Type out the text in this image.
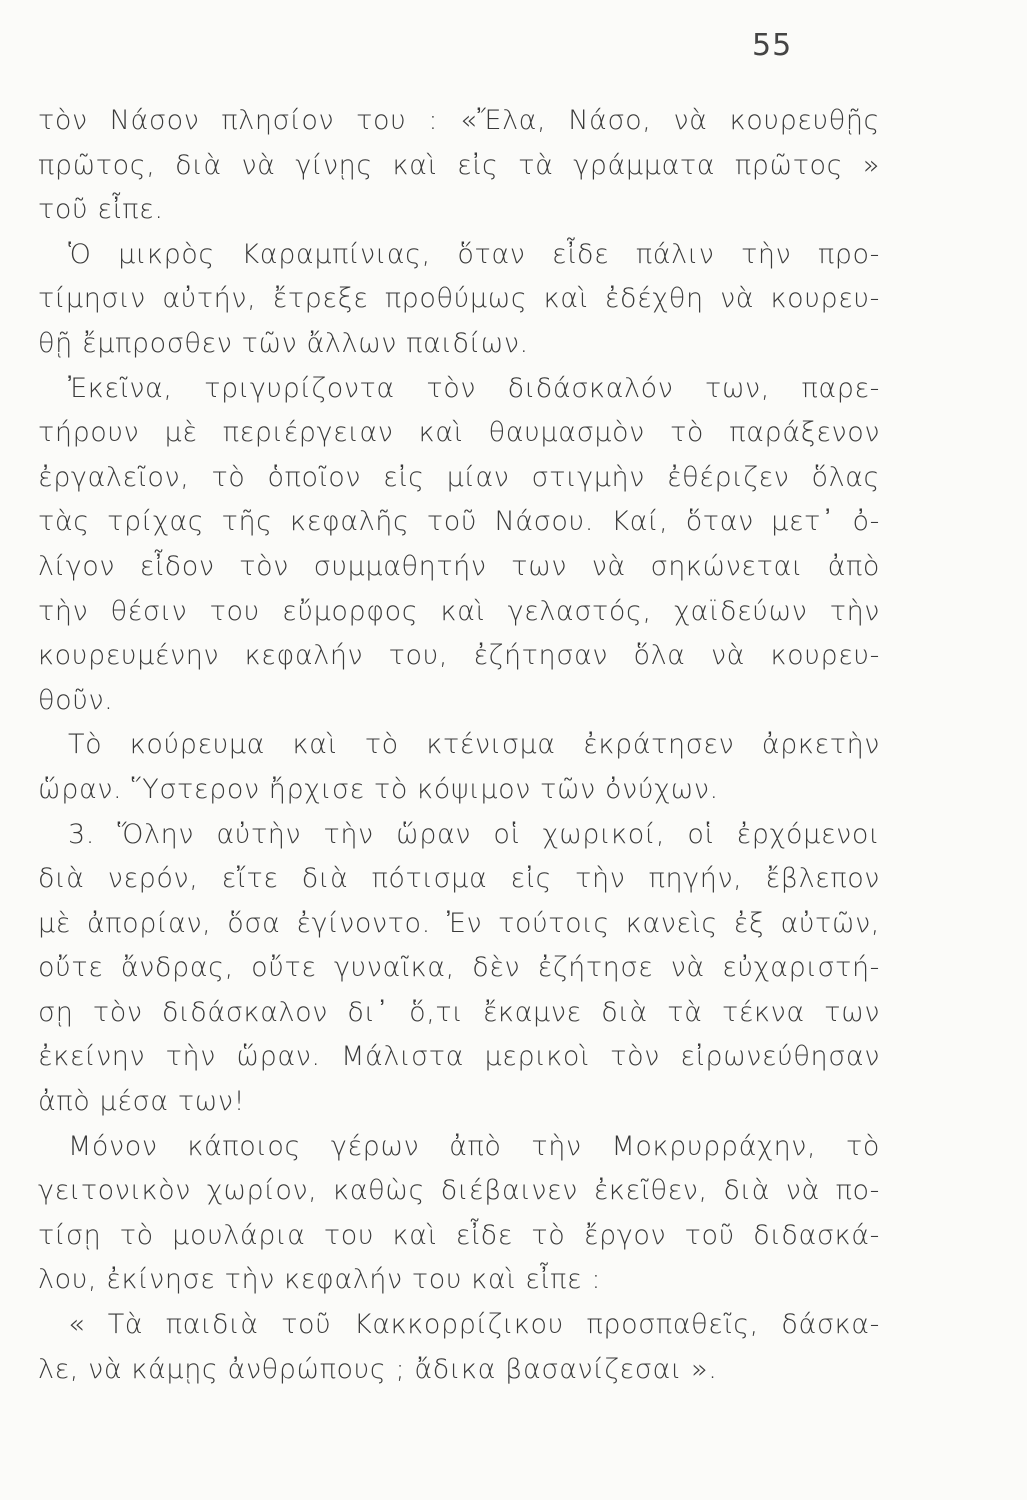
55
τὸν Νάσον πλησίον του : «Ἔλα, Νάσο, νὰ κουρευθῇς
πρῶτος, διὰ νὰ γίνῃς καὶ εἰς τὰ γράμματα πρῶτος »
τοῦ εἶπε.
Ὁ μικρὸς Καραμπίνιας, ὅταν εἶδε πάλιν τὴν προ-
τίμησιν αὐτήν, ἔτρεξε προθύμως καὶ ἐδέχθη νὰ κουρευ-
θῇ ἔμπροσθεν τῶν ἄλλων παιδίων.
Ἐκεῖνα, τριγυρίζοντα τὸν διδάσκαλόν των, παρε-
τήρουν μὲ περιέργειαν καὶ θαυμασμὸν τὸ παράξενον
ἐργαλεῖον, τὸ ὁποῖον εἰς μίαν στιγμὴν ἐθέριζεν ὅλας
τὰς τρίχας τῆς κεφαλῆς τοῦ Νάσου. Καί, ὅταν μετ᾽ ὀ-
λίγον εἶδον τὸν συμμαθητήν των νὰ σηκώνεται ἀπὸ
τὴν θέσιν του εὔμορφος καὶ γελαστός, χαϊδεύων τὴν
κουρευμένην κεφαλήν του, ἐζήτησαν ὅλα νὰ κουρευ-
θοῦν.
Τὸ κούρευμα καὶ τὸ κτένισμα ἐκράτησεν ἀρκετὴν
ὥραν. Ὕστερον ἤρχισε τὸ κόψιμον τῶν ὀνύχων.
3. Ὅλην αὐτὴν τὴν ὥραν οἱ χωρικοί, οἱ ἐρχόμενοι
διὰ νερόν, εἴτε διὰ πότισμα εἰς τὴν πηγήν, ἔβλεπον
μὲ ἀπορίαν, ὅσα ἐγίνοντο. Ἐν τούτοις κανεὶς ἐξ αὐτῶν,
οὔτε ἄνδρας, οὔτε γυναῖκα, δὲν ἐζήτησε νὰ εὐχαριστή-
σῃ τὸν διδάσκαλον δι᾽ ὅ,τι ἔκαμνε διὰ τὰ τέκνα των
ἐκείνην τὴν ὥραν. Μάλιστα μερικοὶ τὸν εἰρωνεύθησαν
ἀπὸ μέσα των!
Μόνον κάποιος γέρων ἀπὸ τὴν Μοκρυρράχην, τὸ
γειτονικὸν χωρίον, καθὼς διέβαινεν ἐκεῖθεν, διὰ νὰ πο-
τίσῃ τὸ μουλάρια του καὶ εἶδε τὸ ἔργον τοῦ διδασκά-
λου, ἐκίνησε τὴν κεφαλήν του καὶ εἶπε :
« Τὰ παιδιὰ τοῦ Κακκορρίζικου προσπαθεῖς, δάσκα-
λε, νὰ κάμῃς ἀνθρώπους ; ἄδικα βασανίζεσαι ».
